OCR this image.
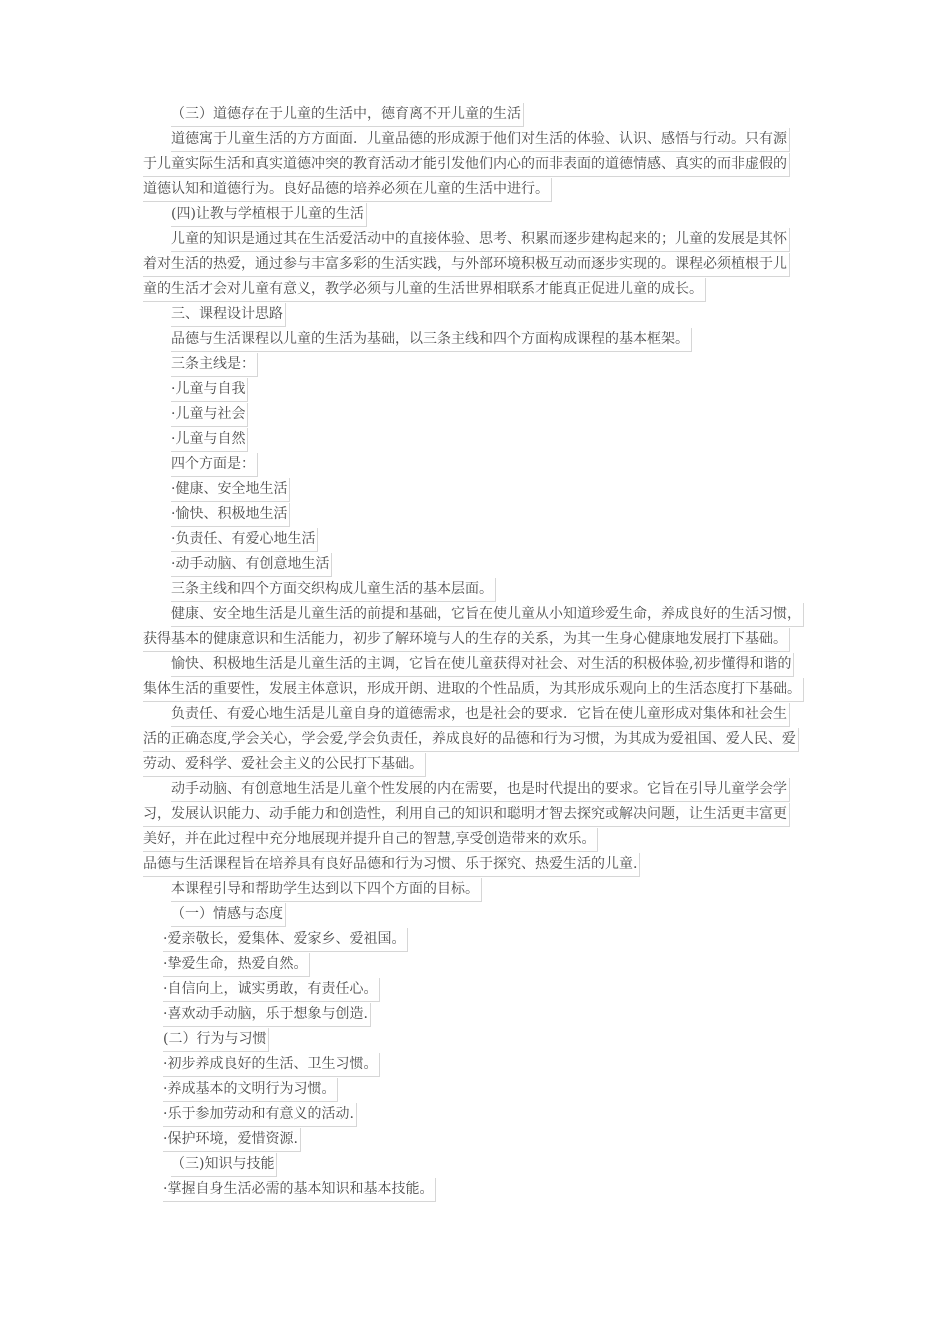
（三）道德存在于儿童的生活中，德育离不开儿童的生活
道德寓于儿童生活的方方面面．儿童品德的形成源于他们对生活的体验、认识、感悟与行动。只有源
于儿童实际生活和真实道德冲突的教育活动才能引发他们内心的而非表面的道德情感、真实的而非虚假的
道德认知和道德行为。良好品德的培养必须在儿童的生活中进行。
(四)让教与学植根于儿童的生活
儿童的知识是通过其在生活爱活动中的直接体验、思考、积累而逐步建构起来的；儿童的发展是其怀
着对生活的热爱，通过参与丰富多彩的生活实践，与外部环境积极互动而逐步实现的。课程必须植根于儿
童的生活才会对儿童有意义，教学必须与儿童的生活世界相联系才能真正促进儿童的成长。
三、课程设计思路
品德与生活课程以儿童的生活为基础，以三条主线和四个方面构成课程的基本框架。
三条主线是：
·儿童与自我
·儿童与社会
·儿童与自然
四个方面是：
·健康、安全地生活
·愉快、积极地生活
·负责任、有爱心地生活
·动手动脑、有创意地生活
三条主线和四个方面交织构成儿童生活的基本层面。
健康、安全地生活是儿童生活的前提和基础，它旨在使儿童从小知道珍爱生命，养成良好的生活习惯，
获得基本的健康意识和生活能力，初步了解环境与人的生存的关系，为其一生身心健康地发展打下基础。
愉快、积极地生活是儿童生活的主调，它旨在使儿童获得对社会、对生活的积极体验,初步懂得和谐的
集体生活的重要性，发展主体意识，形成开朗、进取的个性品质，为其形成乐观向上的生活态度打下基础。
负责任、有爱心地生活是儿童自身的道德需求，也是社会的要求．它旨在使儿童形成对集体和社会生
活的正确态度,学会关心，学会爱,学会负责任，养成良好的品德和行为习惯，为其成为爱祖国、爱人民、爱
劳动、爱科学、爱社会主义的公民打下基础。
动手动脑、有创意地生活是儿童个性发展的内在需要，也是时代提出的要求。它旨在引导儿童学会学
习，发展认识能力、动手能力和创造性，利用自己的知识和聪明才智去探究或解决问题，让生活更丰富更
美好，并在此过程中充分地展现并提升自己的智慧,享受创造带来的欢乐。
品德与生活课程旨在培养具有良好品德和行为习惯、乐于探究、热爱生活的儿童.
本课程引导和帮助学生达到以下四个方面的目标。
（一）情感与态度
·爱亲敬长，爱集体、爱家乡、爱祖国。
·挚爱生命，热爱自然。
·自信向上，诚实勇敢，有责任心。
·喜欢动手动脑，乐于想象与创造.
(二）行为与习惯
·初步养成良好的生活、卫生习惯。
·养成基本的文明行为习惯。
·乐于参加劳动和有意义的活动.
·保护环境，爱惜资源.
（三)知识与技能
·掌握自身生活必需的基本知识和基本技能。
